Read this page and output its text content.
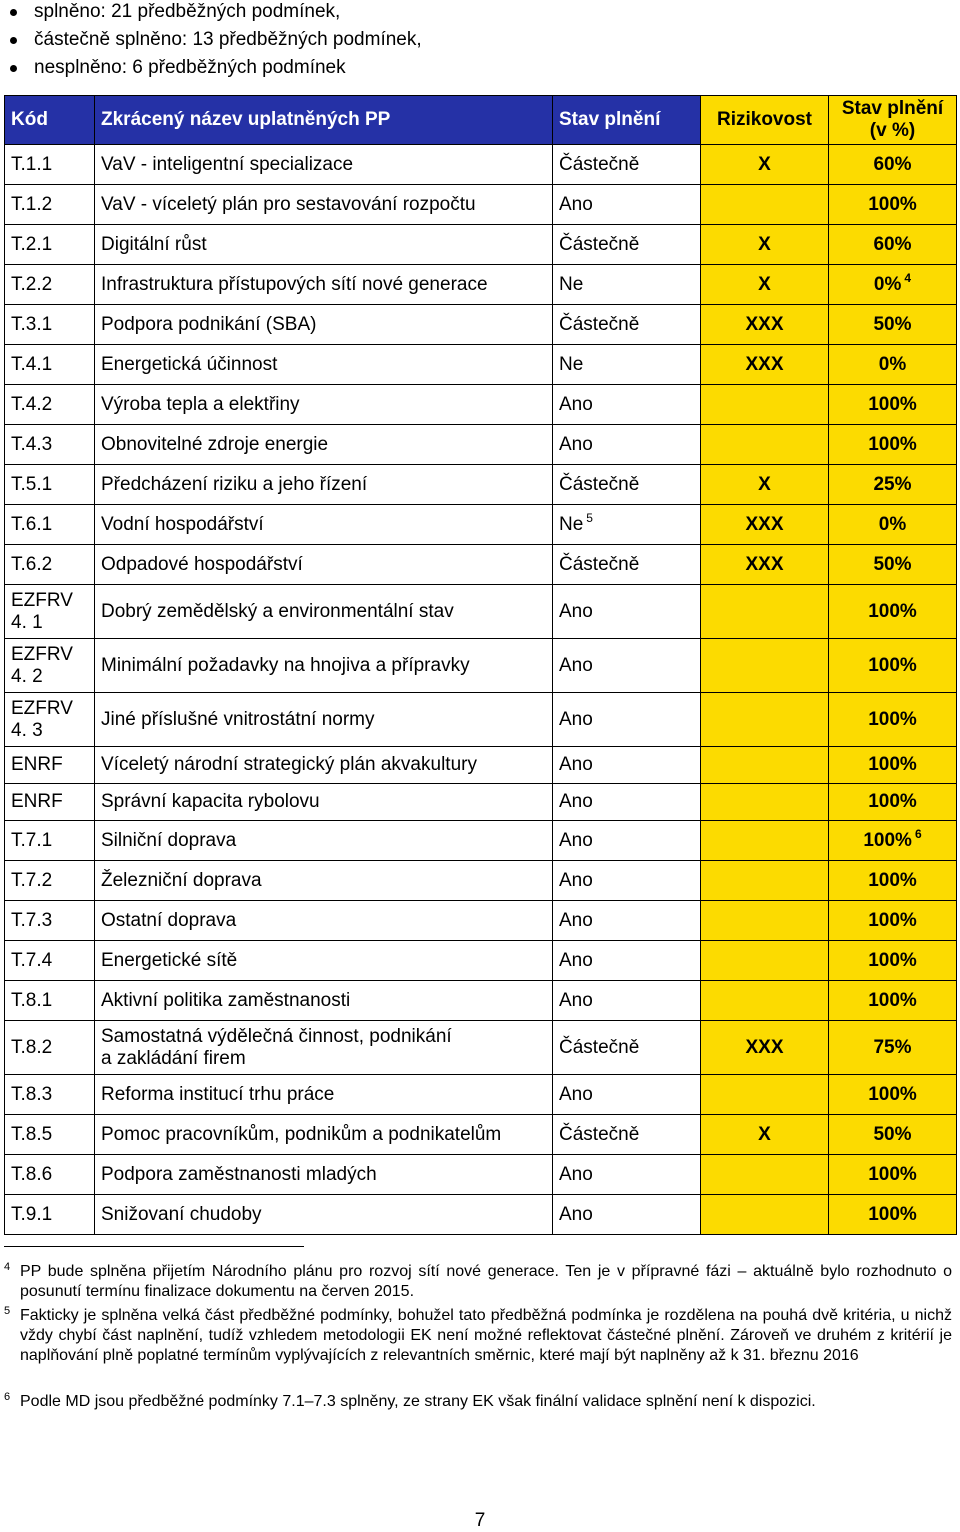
splněno: 21 předběžných podmínek,
částečně splněno: 13 předběžných podmínek,
nesplněno: 6 předběžných podmínek
Kód	Zkrácený název uplatněných PP	Stav plnění	Rizikovost	Stav plnění
(v %)

T.1.1	VaV - inteligentní specializace	Částečně	X	60%
T.1.2	VaV - víceletý plán pro sestavování rozpočtu	Ano		100%
T.2.1	Digitální růst	Částečně	X	60%
T.2.2	Infrastruktura přístupových sítí nové generace	Ne	X	0% $^4$
T.3.1	Podpora podnikání (SBA)	Částečně	XXX	50%
T.4.1	Energetická účinnost	Ne	XXX	0%
T.4.2	Výroba tepla a elektřiny	Ano		100%
T.4.3	Obnovitelné zdroje energie	Ano		100%
T.5.1	Předcházení riziku a jeho řízení	Částečně	X	25%
T.6.1	Vodní hospodářství	Ne $^5$	XXX	0%
T.6.2	Odpadové hospodářství	Částečně	XXX	50%

EZFRV
4. 1	Dobrý zemědělský a environmentální stav	Ano		100%

EZFRV
4. 2	Minimální požadavky na hnojiva a přípravky	Ano		100%

EZFRV
4. 3	Jiné příslušné vnitrostátní normy	Ano		100%
ENRF	Víceletý národní strategický plán akvakultury	Ano		100%
ENRF	Správní kapacita rybolovu	Ano		100%
T.7.1	Silniční doprava	Ano		100% $^6$
T.7.2	Železniční doprava	Ano		100%
T.7.3	Ostatní doprava	Ano		100%
T.7.4	Energetické sítě	Ano		100%
T.8.1	Aktivní politika zaměstnanosti	Ano		100%
T.8.2	Samostatná výdělečná činnost, podnikání
a zakládání firem	Částečně	XXX	75%
T.8.3	Reforma institucí trhu práce	Ano		100%
T.8.5	Pomoc pracovníkům, podnikům a podnikatelům	Částečně	X	50%
T.8.6	Podpora zaměstnanosti mladých	Ano		100%
T.9.1	Snižovaní chudoby	Ano		100%
4 PP bude splněna přijetím Národního plánu pro rozvoj sítí nové generace. Ten je v přípravné fázi – aktuálně bylo rozhodnuto o posunutí termínu finalizace dokumentu na červen 2015.
5 Fakticky je splněna velká část předběžné podmínky, bohužel tato předběžná podmínka je rozdělena na pouhá dvě kritéria, u nichž vždy chybí část naplnění, tudíž vzhledem metodologii EK není možné reflektovat částečné plnění. Zároveň ve druhém z kritérií je naplňování plně poplatné termínům vyplývajících z relevantních směrnic, které mají být naplněny až k 31. březnu 2016
6 Podle MD jsou předběžné podmínky 7.1–7.3 splněny, ze strany EK však finální validace splnění není k dispozici.
7
